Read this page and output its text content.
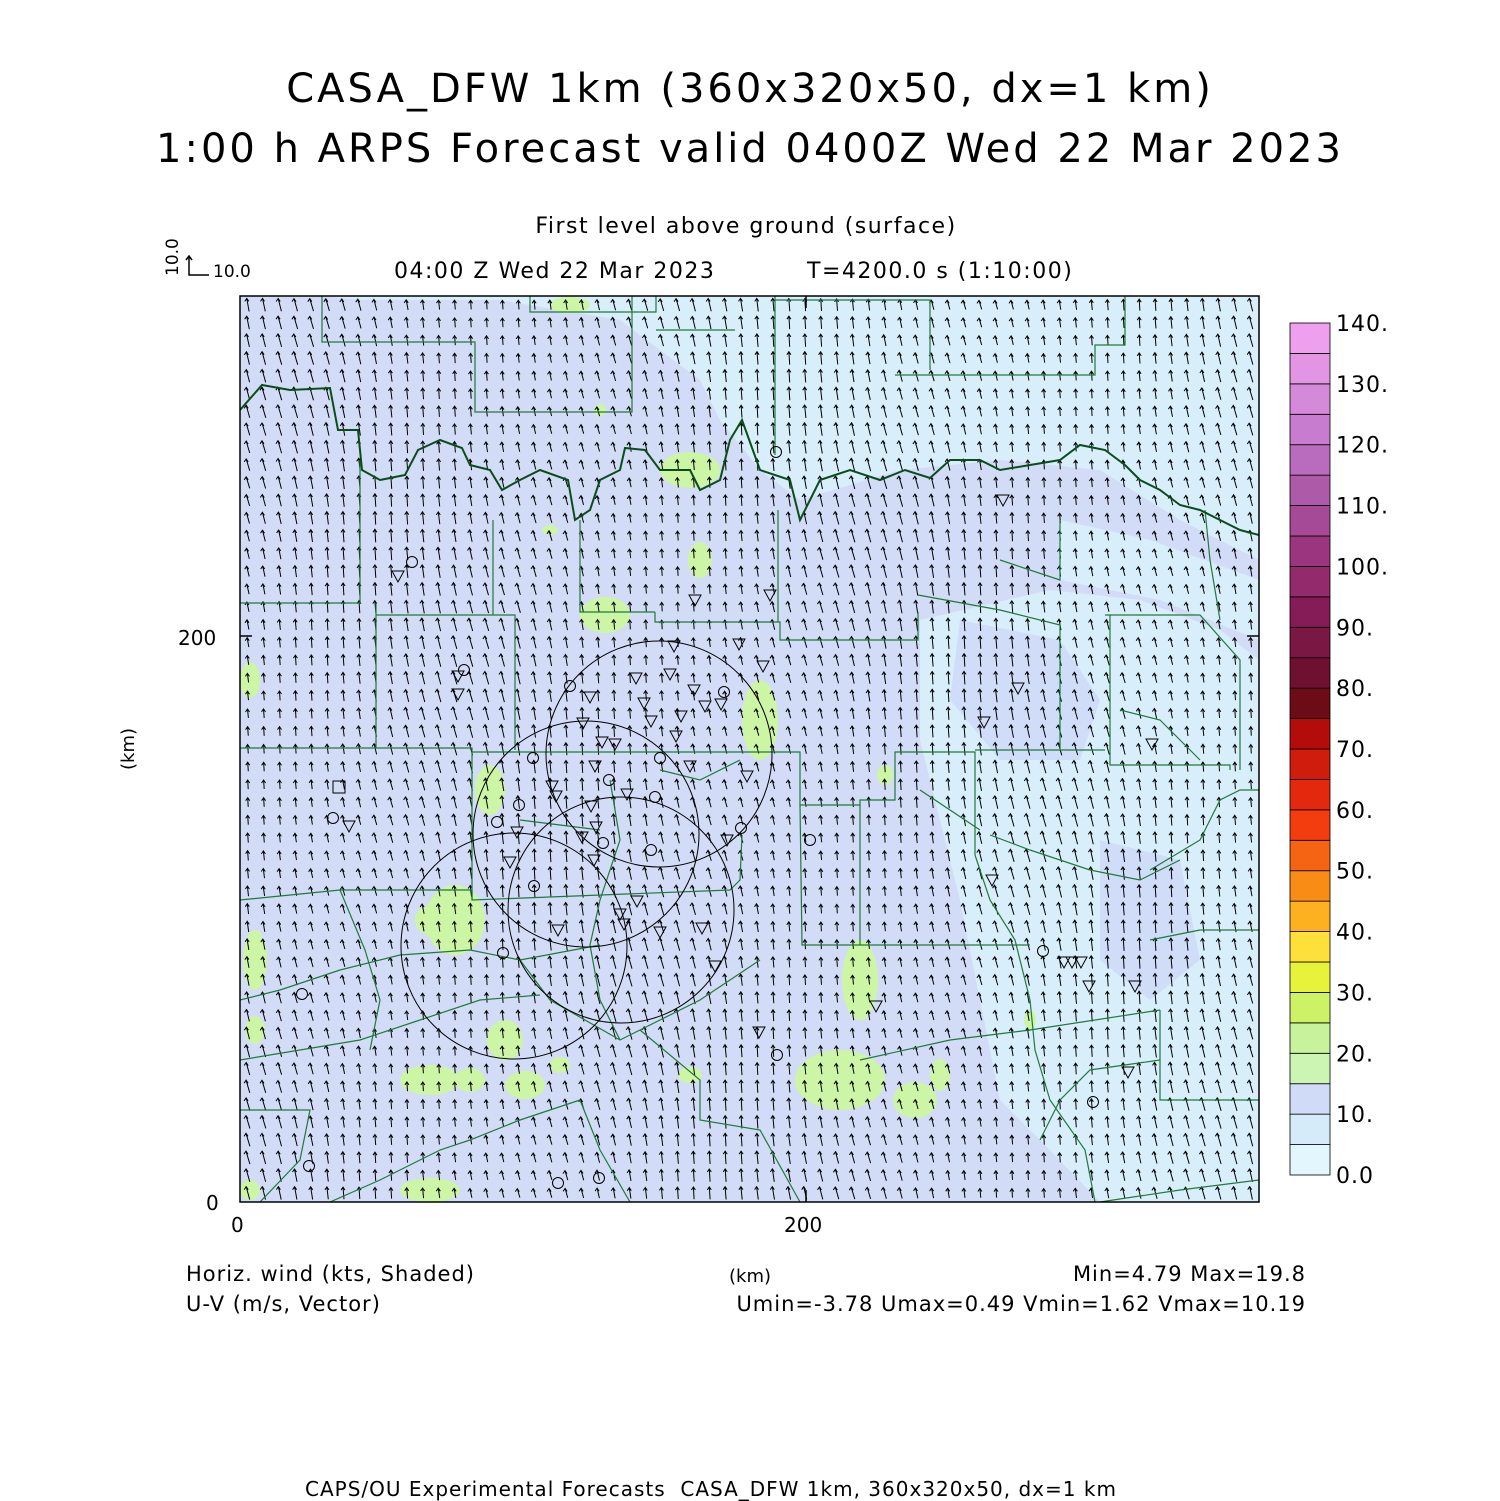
CASA_DFW 1km (360x320x50, dx=1 km)
1:00 h ARPS Forecast valid 0400Z Wed 22 Mar 2023
First level above ground (surface)
04:00 Z Wed 22 Mar 2023	T=4200.0 s (1:10:00)
10.0
10.0
0.0
10.
20.
30.
40.
50.
60.
70.
80.
90.
100.
110.
120.
130.
140.
200
0
0	200
(km)
Horiz. wind (kts, Shaded)
U-V (m/s, Vector)
(km)	Min=4.79 Max=19.8
Umin=-3.78 Umax=0.49 Vmin=1.62 Vmax=10.19
CAPS/OU Experimental Forecasts  CASA_DFW 1km, 360x320x50, dx=1 km
